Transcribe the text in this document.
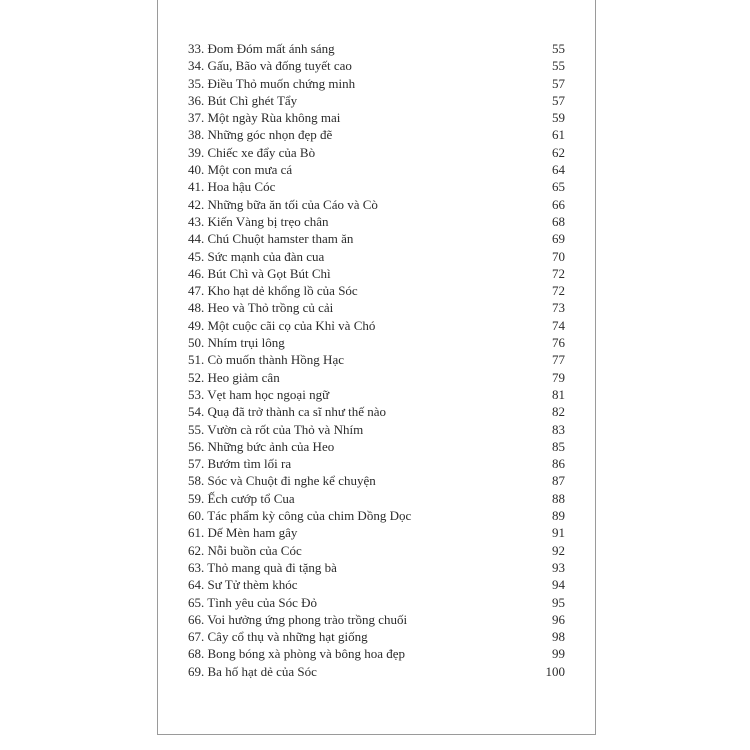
33. Đom Đóm mất ánh sáng	55
34. Gấu, Bão và đống tuyết cao	55
35. Điều Thỏ muốn chứng minh	57
36. Bút Chì ghét Tẩy	57
37. Một ngày Rùa không mai	59
38. Những góc nhọn đẹp đẽ	61
39. Chiếc xe đẩy của Bò	62
40. Một con mưa cá	64
41. Hoa hậu Cóc	65
42. Những bữa ăn tối của Cáo và Cò	66
43. Kiến Vàng bị trẹo chân	68
44. Chú Chuột hamster tham ăn	69
45. Sức mạnh của đàn cua	70
46. Bút Chì và Gọt Bút Chì	72
47. Kho hạt dẻ khổng lồ của Sóc	72
48. Heo và Thỏ trồng củ cải	73
49. Một cuộc cãi cọ của Khỉ và Chó	74
50. Nhím trụi lông	76
51. Cò muốn thành Hồng Hạc	77
52. Heo giảm cân	79
53. Vẹt ham học ngoại ngữ	81
54. Quạ đã trở thành ca sĩ như thế nào	82
55. Vườn cà rốt của Thỏ và Nhím	83
56. Những bức ảnh của Heo	85
57. Bướm tìm lối ra	86
58. Sóc và Chuột đi nghe kể chuyện	87
59. Ếch cướp tổ Cua	88
60. Tác phẩm kỳ công của chim Dồng Dọc	89
61. Dế Mèn ham gây	91
62. Nỗi buồn của Cóc	92
63. Thỏ mang quà đi tặng bà	93
64. Sư Tử thèm khóc	94
65. Tình yêu của Sóc Đỏ	95
66. Voi hưởng ứng phong trào trồng chuối	96
67. Cây cổ thụ và những hạt giống	98
68. Bong bóng xà phòng và bông hoa đẹp	99
69. Ba hố hạt dẻ của Sóc	100
